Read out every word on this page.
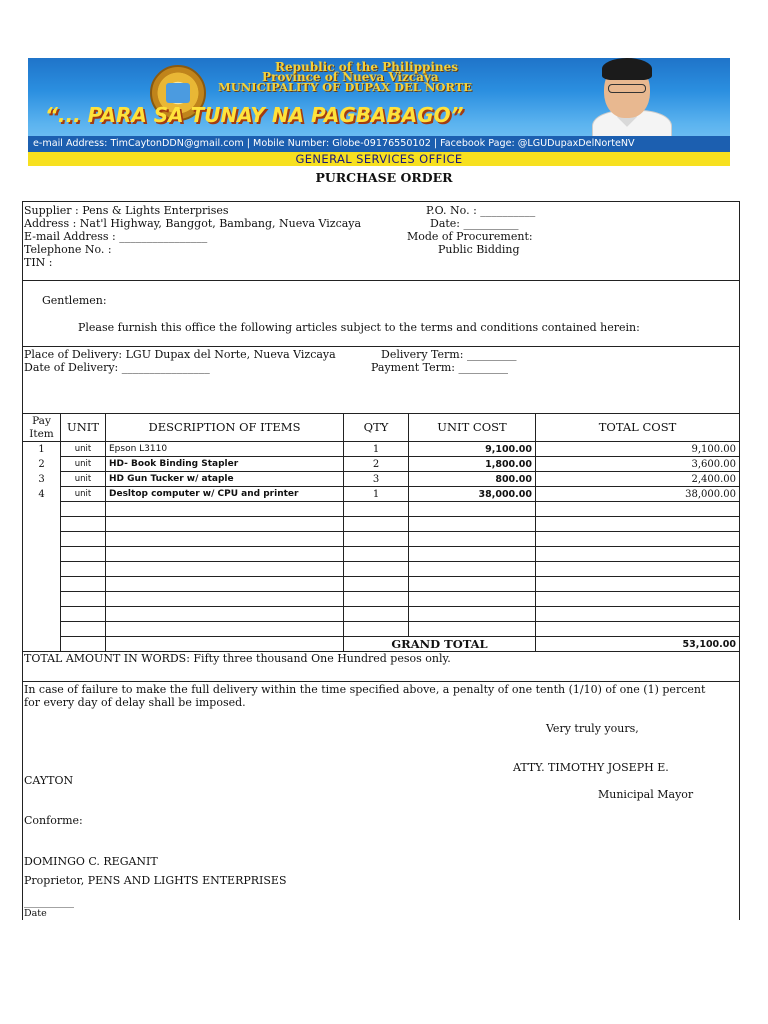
Republic of the Philippines
Province of Nueva Vizcaya
MUNICIPALITY OF DUPAX DEL NORTE
“... PARA SA TUNAY NA PAGBABAGO”
e-mail Address: TimCaytonDDN@gmail.com | Mobile Number: Globe-09176550102 | Facebook Page: @LGUDupaxDelNorteNV
GENERAL SERVICES OFFICE
PURCHASE ORDER
Supplier : Pens & Lights Enterprises
Address : Nat'l Highway, Banggot, Bambang, Nueva Vizcaya
E-mail Address : ________________
Telephone No. :
TIN :
P.O. No. : __________
Date: __________
Mode of Procurement:
Public Bidding
Gentlemen:
Please furnish this office the following articles subject to the terms and conditions contained herein:
Place of Delivery: LGU Dupax del Norte, Nueva Vizcaya	Delivery Term: _________
Date of Delivery: ________________	Payment Term: _________
Pay
Item	UNIT	DESCRIPTION OF ITEMS	QTY	UNIT COST	TOTAL COST
1	unit	Epson L3110	1	9,100.00	9,100.00
2	unit	HD- Book Binding Stapler	2	1,800.00	3,600.00
3	unit	HD Gun Tucker w/ ataple	3	800.00	2,400.00
4	unit	Desltop computer w/ CPU and printer	1	38,000.00	38,000.00

			GRAND TOTAL		53,100.00
TOTAL AMOUNT IN WORDS: Fifty three thousand One Hundred pesos only.
In case of failure to make the full delivery within the time specified above, a penalty of one tenth (1/10) of one (1) percent
for every day of delay shall be imposed.
Very truly yours,
ATTY. TIMOTHY JOSEPH E.
CAYTON
Municipal Mayor
Conforme:
DOMINGO C. REGANIT
Proprietor, PENS AND LIGHTS ENTERPRISES
__________
Date
